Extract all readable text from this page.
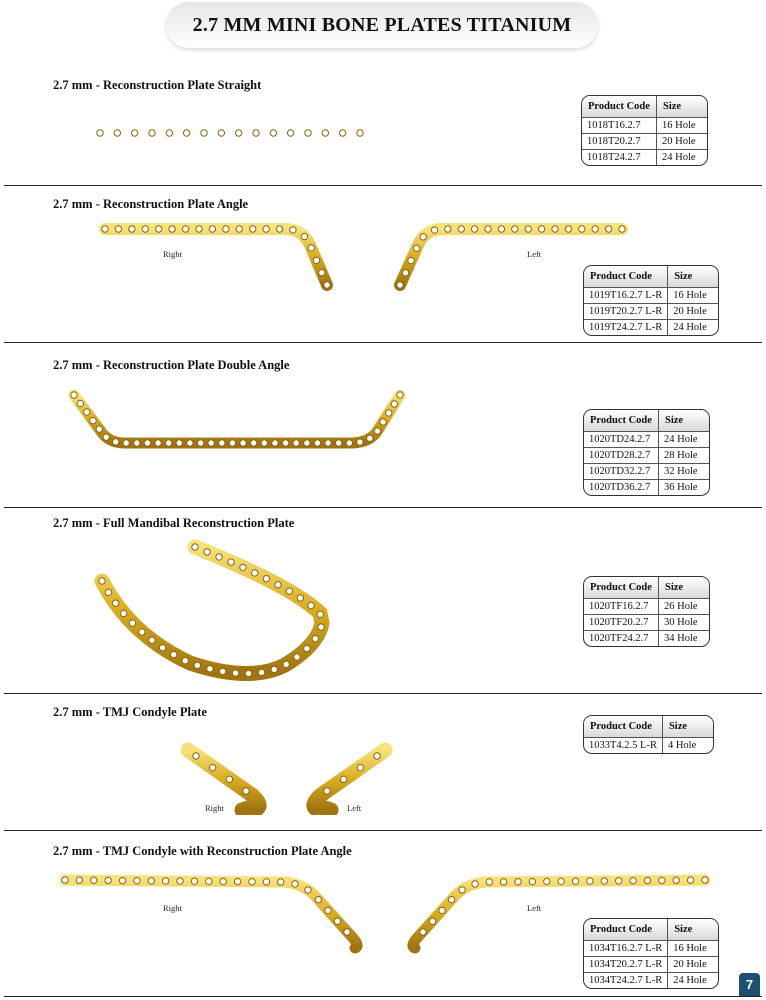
2.7 MM MINI BONE PLATES TITANIUM
2.7 mm - Reconstruction Plate Straight
Product Code	Size
1018T16.2.7	16 Hole
1018T20.2.7	20 Hole
1018T24.2.7	24 Hole
2.7 mm - Reconstruction Plate Angle
Right	Left
Product Code	Size
1019T16.2.7 L-R	16 Hole
1019T20.2.7 L-R	20 Hole
1019T24.2.7 L-R	24 Hole
2.7 mm - Reconstruction Plate Double Angle
Product Code	Size
1020TD24.2.7	24 Hole
1020TD28.2.7	28 Hole
1020TD32.2.7	32 Hole
1020TD36.2.7	36 Hole
2.7 mm - Full Mandibal Reconstruction Plate
Product Code	Size
1020TF16.2.7	26 Hole
1020TF20.2.7	30 Hole
1020TF24.2.7	34 Hole
2.7 mm - TMJ Condyle Plate
Right	Left
Product Code	Size
1033T4.2.5 L-R	4 Hole
2.7 mm - TMJ Condyle with Reconstruction Plate Angle
Right	Left
Product Code	Size
1034T16.2.7 L-R	16 Hole
1034T20.2.7 L-R	20 Hole
1034T24.2.7 L-R	24 Hole	7
